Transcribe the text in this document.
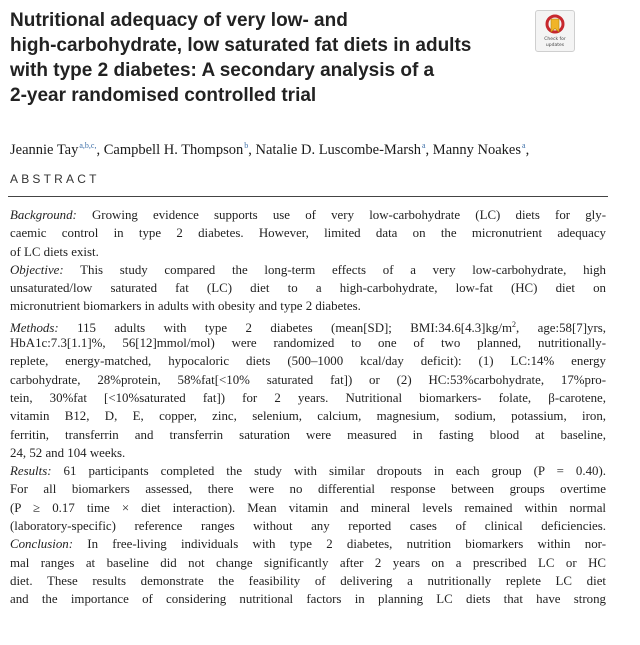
Nutritional adequacy of very low- and
high-carbohydrate, low saturated fat diets in adults
with type 2 diabetes: A secondary analysis of a
2-year randomised controlled trial
Check for
updates
Jeannie Tay$^{a,b,c,}$, Campbell H. Thompson$^b$, Natalie D. Luscombe-Marsh$^a$, Manny Noakes$^a$,
ABSTRACT
Background: Growing evidence supports use of very low-carbohydrate (LC) diets for gly-
caemic control in type 2 diabetes. However, limited data on the micronutrient adequacy
of LC diets exist.
Objective: This study compared the long-term effects of a very low-carbohydrate, high
unsaturated/low saturated fat (LC) diet to a high-carbohydrate, low-fat (HC) diet on
micronutrient biomarkers in adults with obesity and type 2 diabetes.
Methods: 115 adults with type 2 diabetes (mean[SD]; $BMI:34.6[4.3]kg/m^2$, age:58[7]yrs,
HbA1c:7.3[1.1]%, 56[12]mmol/mol) were randomized to one of two planned, nutritionally-
replete, energy-matched, hypocaloric diets (500–1000 kcal/day deficit): (1) LC:14% energy
carbohydrate, 28%protein, 58%fat[<10% saturated fat]) or (2) HC:53%carbohydrate, 17%pro-
tein, 30%fat [<10%saturated fat]) for 2 years. Nutritional biomarkers- folate, β-carotene,
vitamin B12, D, E, copper, zinc, selenium, calcium, magnesium, sodium, potassium, iron,
ferritin, transferrin and transferrin saturation were measured in fasting blood at baseline,
24, 52 and 104 weeks.
Results: 61 participants completed the study with similar dropouts in each group (P = 0.40).
For all biomarkers assessed, there were no differential response between groups overtime
(P ≥ 0.17 time × diet interaction). Mean vitamin and mineral levels remained within normal
(laboratory-specific) reference ranges without any reported cases of clinical deficiencies.
Conclusion: In free-living individuals with type 2 diabetes, nutrition biomarkers within nor-
mal ranges at baseline did not change significantly after 2 years on a prescribed LC or HC
diet. These results demonstrate the feasibility of delivering a nutritionally replete LC diet
and the importance of considering nutritional factors in planning LC diets that have strong
